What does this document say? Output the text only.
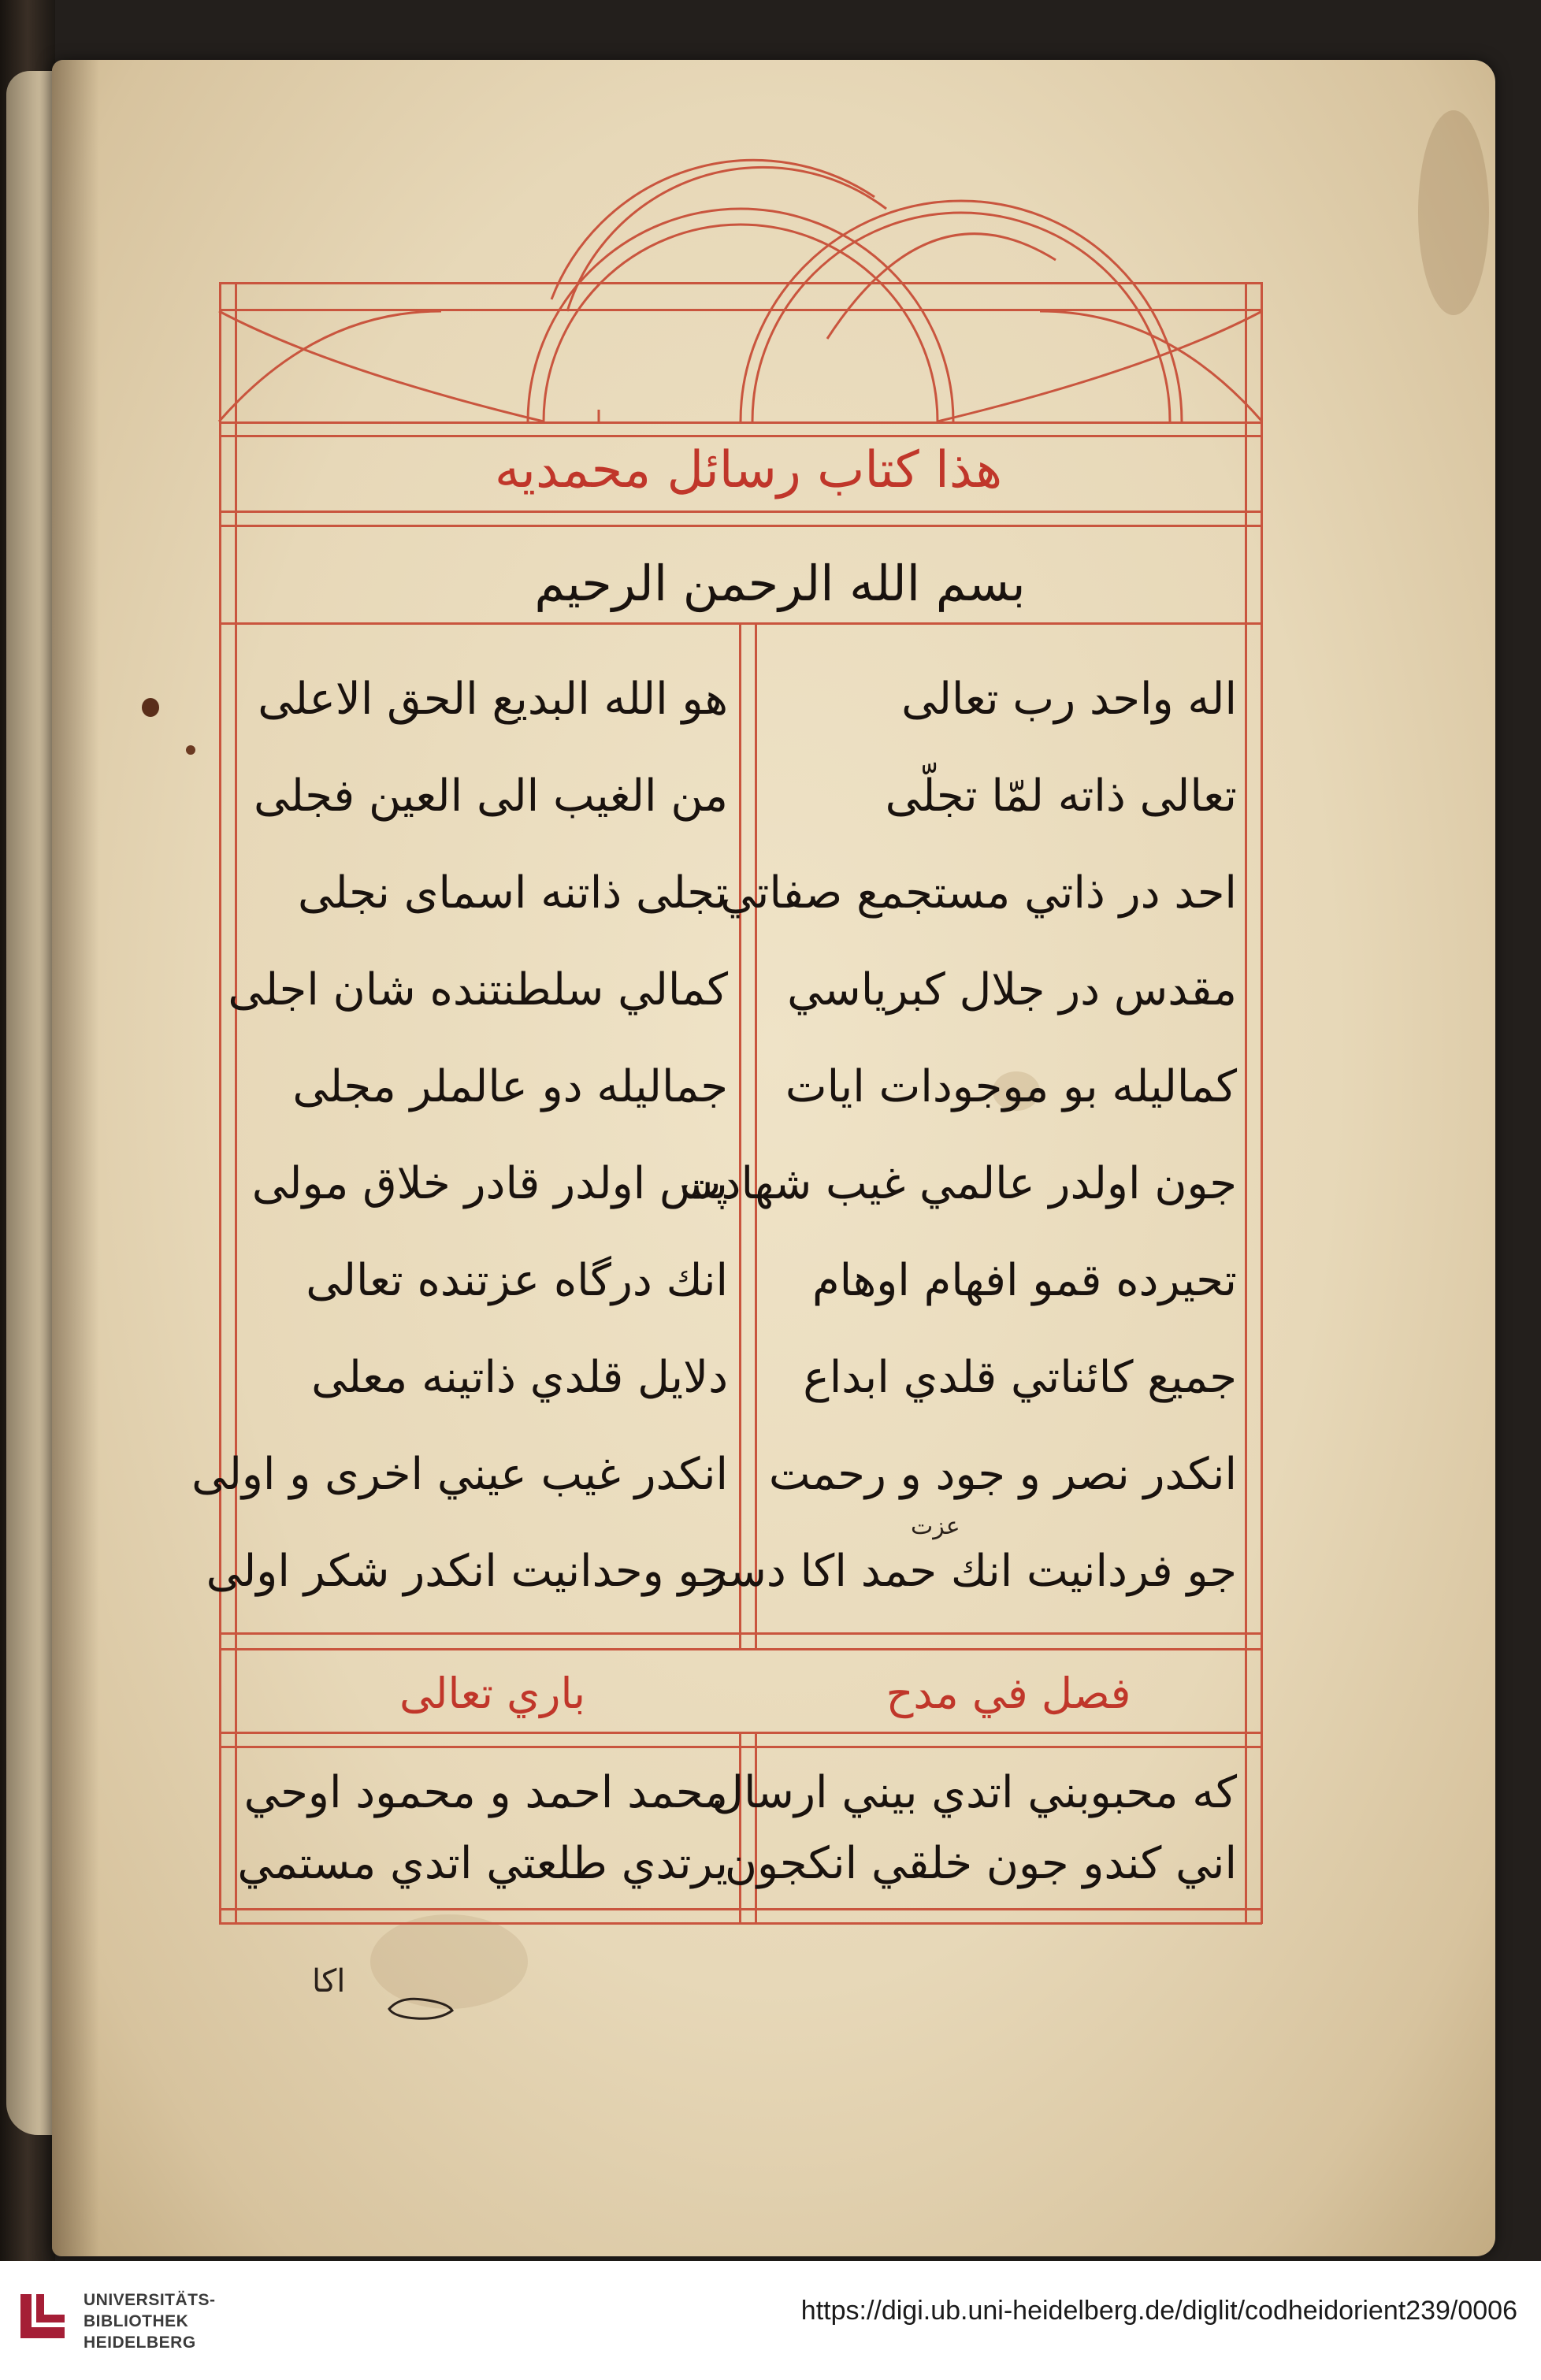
هذا كتاب رسائل محمديه
بسم الله الرحمن الرحيم
اله واحد رب تعالى
تعالى ذاته لمّا تجلّى
احد در ذاتي مستجمع صفاتي
مقدس در جلال كبرياسي
كماليله بو موجودات ايات
جون اولدر عالمي غيب شهادت
تحيرده قمو افهام اوهام
جميع كائناتي قلدي ابداع
انكدر نصر و جود و رحمت
جو فردانيت انك حمد اكا دسر
هو الله البديع الحق الاعلى
من الغيب الى العين فجلى
تجلى ذاتنه اسماى نجلى
كمالي سلطنتنده شان اجلى
جماليله دو عالملر مجلى
پس اولدر قادر خلاق مولى
انك درگاه عزتنده تعالى
دلايل قلدي ذاتينه معلى
انكدر غيب عيني اخرى و اولى
جو وحدانيت انكدر شكر اولى
عزت
فصل في مدح
باري تعالى
كه محبوبني اتدي بيني ارسال
اني كندو جون خلقي انكجون
محمد احمد و محمود اوحي
يرتدي طلعتي اتدي مستمي
اكا
UNIVERSITÄTS-
BIBLIOTHEK
HEIDELBERG
https://digi.ub.uni-heidelberg.de/diglit/codheidorient239/0006
